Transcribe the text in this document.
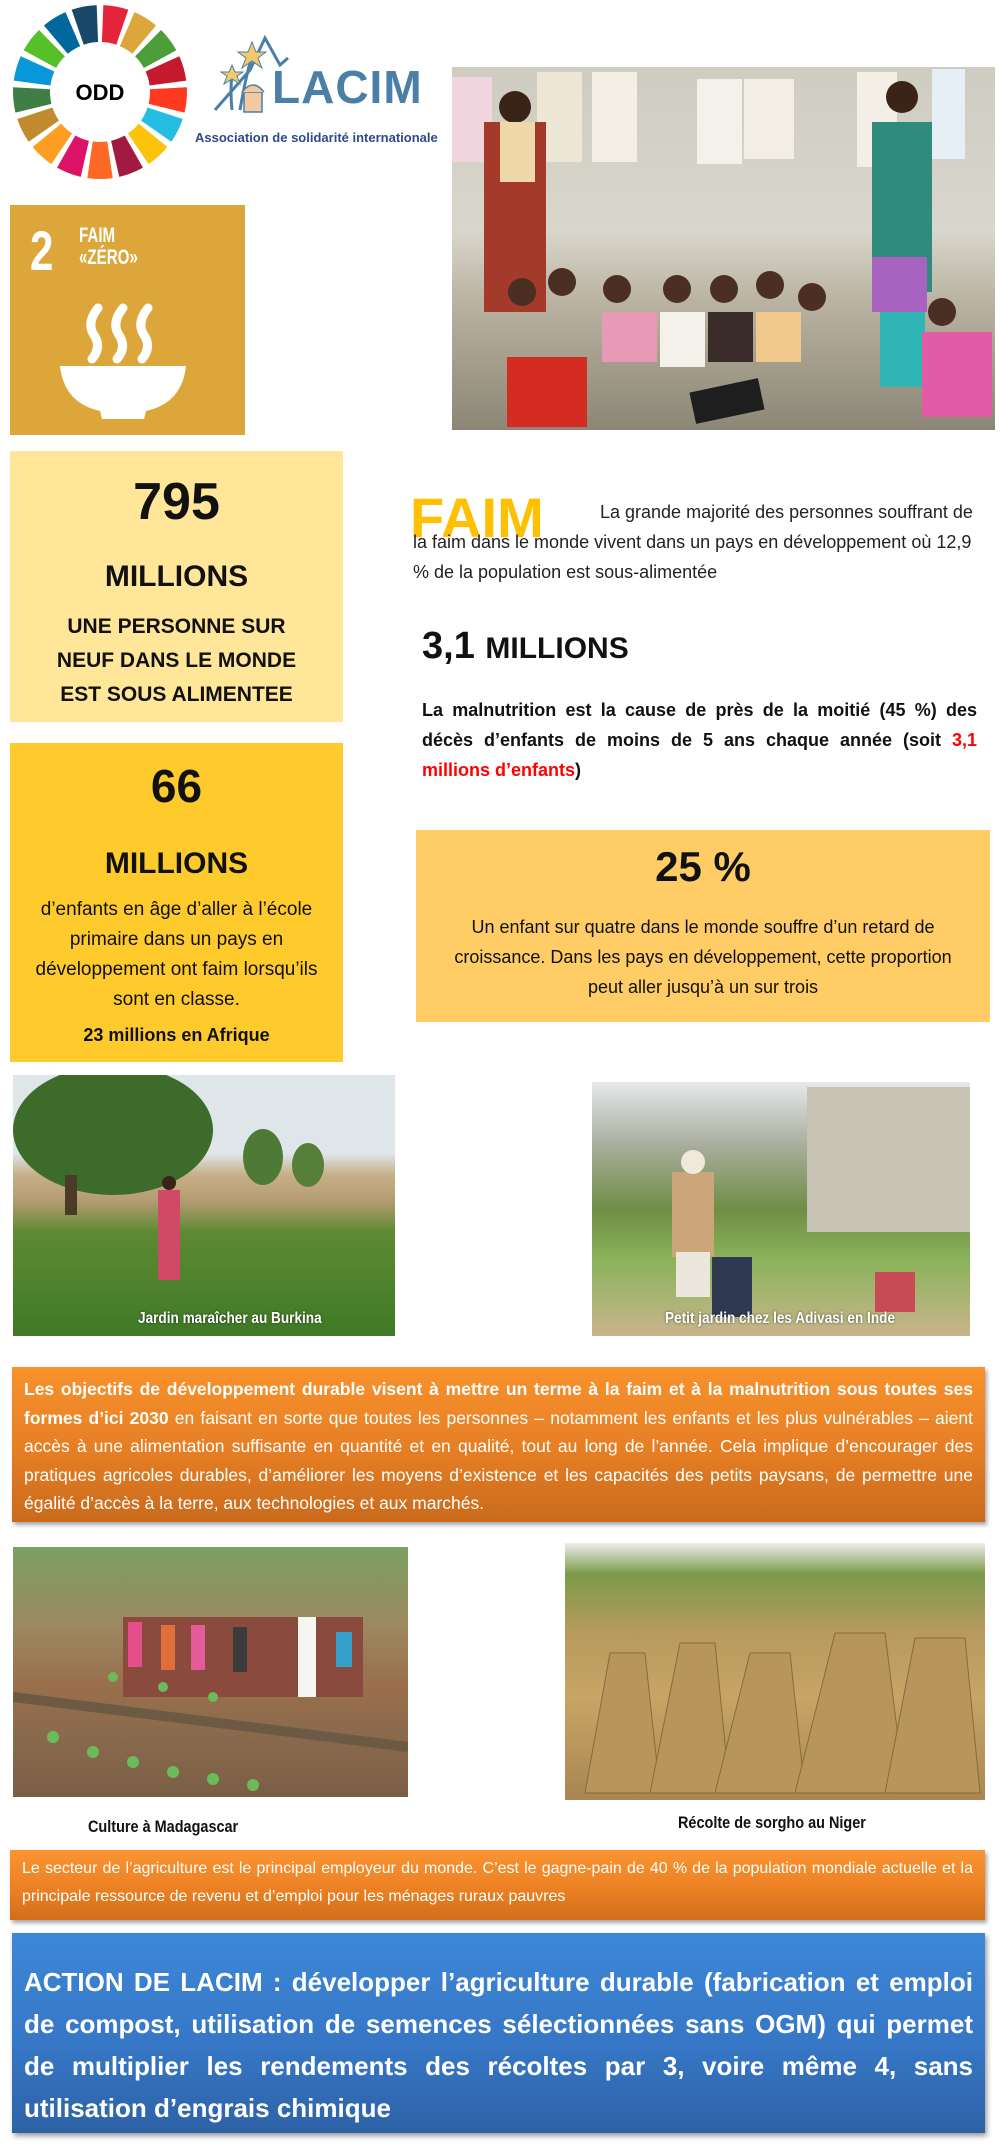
ODD	LACIM
Association de solidarité internationale
2 FAIM
«ZÉRO»
795
MILLIONS
UNE PERSONNE SUR NEUF DANS LE MONDE EST SOUS ALIMENTEE
66
MILLIONS
d’enfants en âge d’aller à l’école primaire dans un pays en développement ont faim lorsqu’ils sont en classe.
23 millions en Afrique
FAIM	La grande majorité des personnes souffrant de la faim dans le monde vivent dans un pays en développement où 12,9 % de la population est sous-alimentée
3,1 MILLIONS
La malnutrition est la cause de près de la moitié (45 %) des décès d’enfants de moins de 5 ans chaque année (soit 3,1 millions d’enfants)
25 %
Un enfant sur quatre dans le monde souffre d’un retard de croissance. Dans les pays en développement, cette proportion peut aller jusqu’à un sur trois
Jardin maraîcher au Burkina	Petit jardin chez les Adivasi en Inde
Les objectifs de développement durable visent à mettre un terme à la faim et à la malnutrition sous toutes ses formes d’ici 2030 en faisant en sorte que toutes les personnes – notamment les enfants et les plus vulnérables – aient accès à une alimentation suffisante en quantité et en qualité, tout au long de l’année. Cela implique d’encourager des pratiques agricoles durables, d’améliorer les moyens d’existence et les capacités des petits paysans, de permettre une égalité d’accès à la terre, aux technologies et aux marchés.
Culture à Madagascar	Récolte de sorgho au Niger
Le secteur de l’agriculture est le principal employeur du monde. C’est le gagne-pain de 40 % de la population mondiale actuelle et la principale ressource de revenu et d’emploi pour les ménages ruraux pauvres
ACTION DE LACIM : développer l’agriculture durable (fabrication et emploi de compost, utilisation de semences sélectionnées sans OGM) qui permet de multiplier les rendements des récoltes par 3, voire même 4, sans utilisation d’engrais chimique
